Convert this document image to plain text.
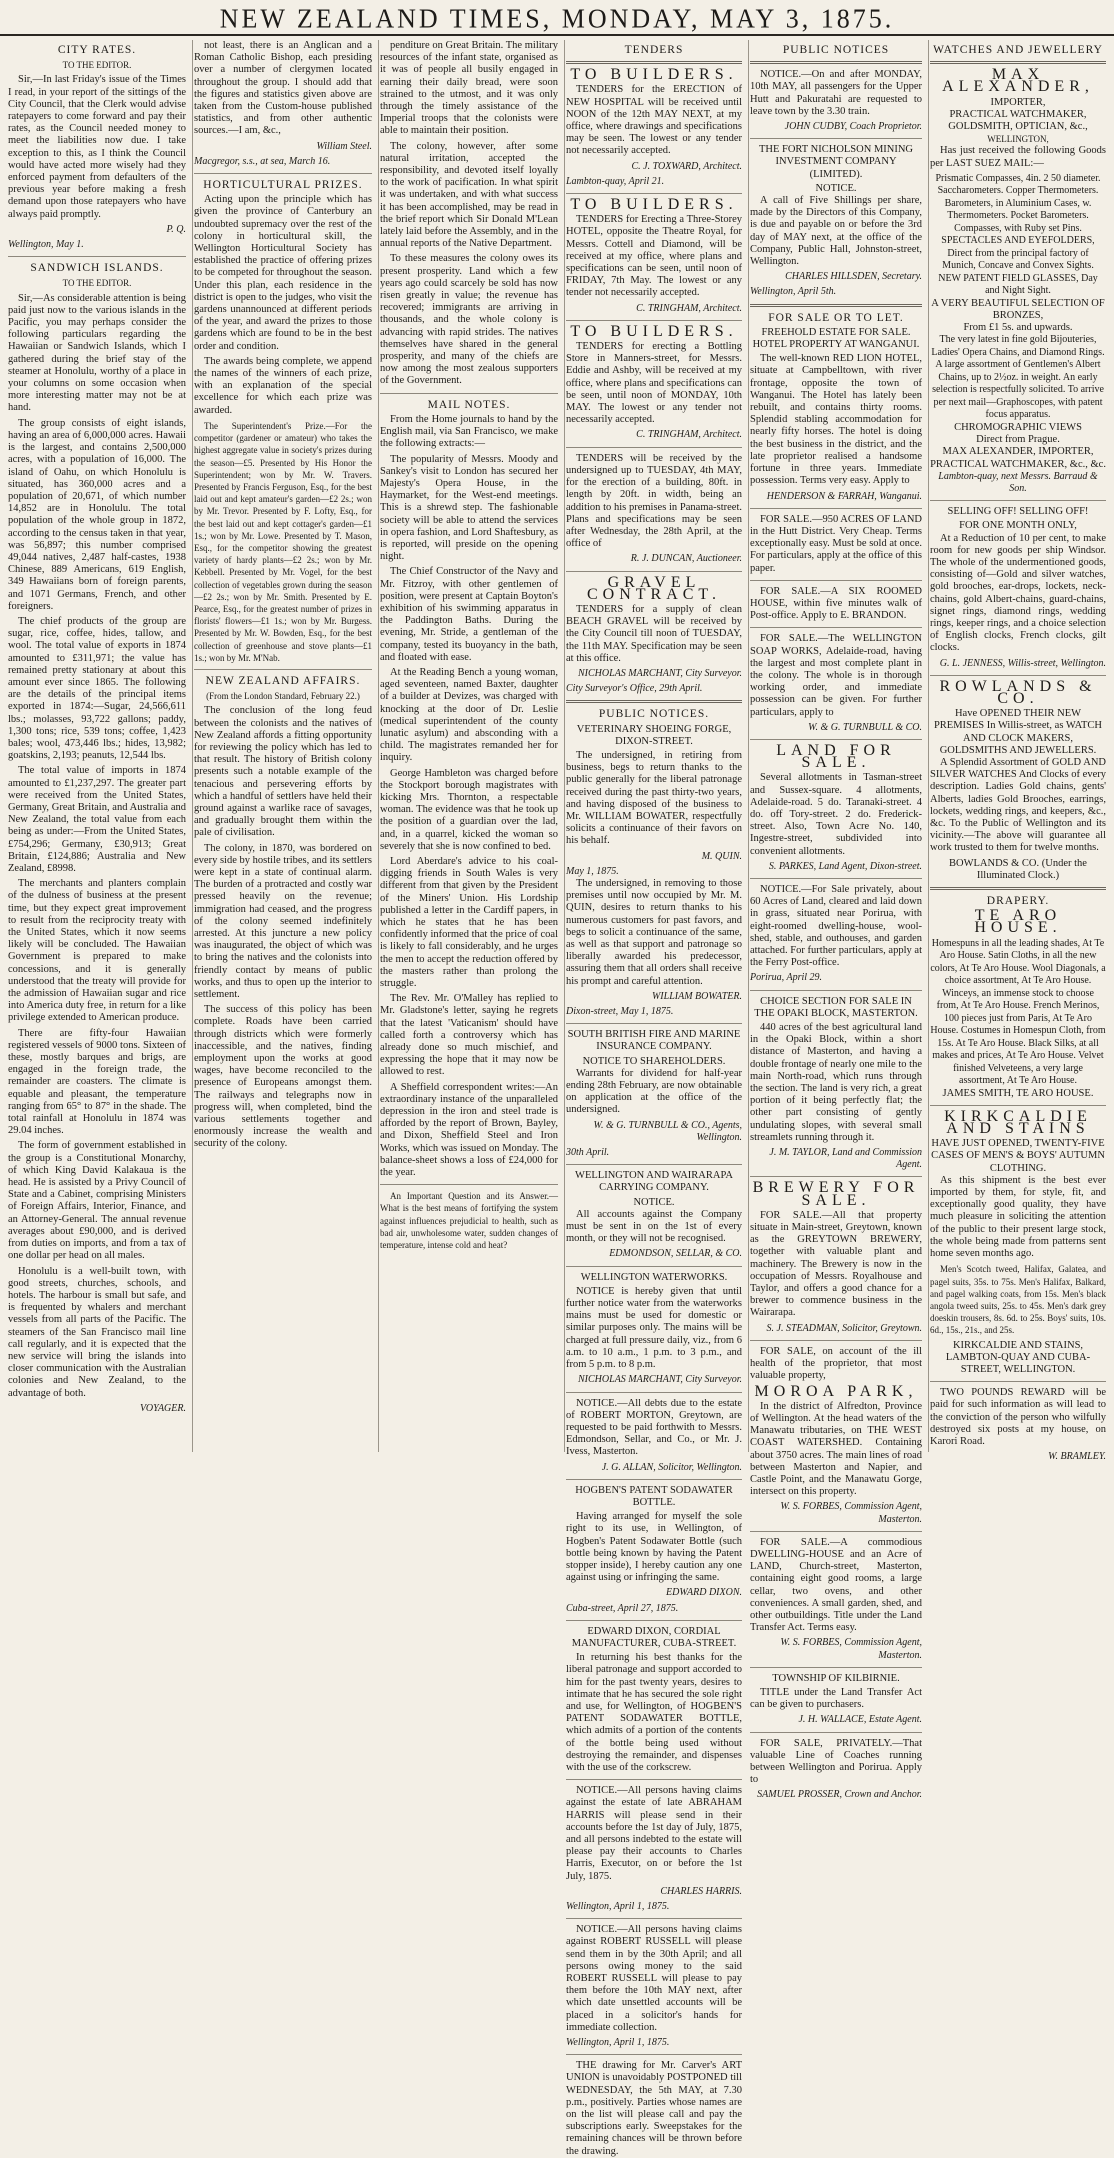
NEW ZEALAND TIMES, MONDAY, MAY 3, 1875.
CITY RATES.
TO THE EDITOR.

Sir,—In last Friday's issue of the Times I read, in your report of the sittings of the City Council, that the Clerk would advise ratepayers to come forward and pay their rates, as the Council needed money to meet the liabilities now due. I take exception to this, as I think the Council would have acted more wisely had they enforced payment from defaulters of the previous year before making a fresh demand upon those ratepayers who have always paid promptly.

P. Q.
Wellington, May 1.
SANDWICH ISLANDS.
TO THE EDITOR.

Sir,—As considerable attention is being paid just now to the various islands in the Pacific, you may perhaps consider the following particulars regarding the Hawaiian or Sandwich Islands, which I gathered during the brief stay of the steamer at Honolulu, worthy of a place in your columns on some occasion when more interesting matter may not be at hand.

The group consists of eight islands, having an area of 6,000,000 acres. Hawaii is the largest, and contains 2,500,000 acres, with a population of 16,000. The island of Oahu, on which Honolulu is situated, has 360,000 acres and a population of 20,671, of which number 14,852 are in Honolulu. The total population of the whole group in 1872, according to the census taken in that year, was 56,897; this number comprised 49,044 natives, 2,487 half-castes, 1938 Chinese, 889 Americans, 619 English, 349 Hawaiians born of foreign parents, and 1071 Germans, French, and other foreigners.

The chief products of the group are sugar, rice, coffee, hides, tallow, and wool. The total value of exports in 1874 amounted to £311,971; the value has remained pretty stationary at about this amount ever since 1865. The following are the details of the principal items exported in 1874:—Sugar, 24,566,611 lbs.; molasses, 93,722 gallons; paddy, 1,300 tons; rice, 539 tons; coffee, 1,423 bales; wool, 473,446 lbs.; hides, 13,982; goatskins, 2,193; peanuts, 12,544 lbs.

The total value of imports in 1874 amounted to £1,237,297. The greater part were received from the United States, Germany, Great Britain, and Australia and New Zealand, the total value from each being as under:—From the United States, £754,296; Germany, £30,913; Great Britain, £124,886; Australia and New Zealand, £8998.

The merchants and planters complain of the dulness of business at the present time, but they expect great improvement to result from the reciprocity treaty with the United States, which it now seems likely will be concluded. The Hawaiian Government is prepared to make concessions, and it is generally understood that the treaty will provide for the admission of Hawaiian sugar and rice into America duty free, in return for a like privilege extended to American produce.

There are fifty-four Hawaiian registered vessels of 9000 tons. Sixteen of these, mostly barques and brigs, are engaged in the foreign trade, the remainder are coasters. The climate is equable and pleasant, the temperature ranging from 65° to 87° in the shade. The total rainfall at Honolulu in 1874 was 29.04 inches.

The form of government established in the group is a Constitutional Monarchy, of which King David Kalakaua is the head. He is assisted by a Privy Council of State and a Cabinet, comprising Ministers of Foreign Affairs, Interior, Finance, and an Attorney-General. The annual revenue averages about £90,000, and is derived from duties on imports, and from a tax of one dollar per head on all males.

Honolulu is a well-built town, with good streets, churches, schools, and hotels. The harbour is small but safe, and is frequented by whalers and merchant vessels from all parts of the Pacific. The steamers of the San Francisco mail line call regularly, and it is expected that the new service will bring the islands into closer communication with the Australian colonies and New Zealand, to the advantage of both.

VOYAGER.

not least, there is an Anglican and a Roman Catholic Bishop, each presiding over a number of clergymen located throughout the group. I should add that the figures and statistics given above are taken from the Custom-house published statistics, and from other authentic sources.—I am, &c.,

William Steel.
Macgregor, s.s., at sea, March 16.
HORTICULTURAL PRIZES.

Acting upon the principle which has given the province of Canterbury an undoubted supremacy over the rest of the colony in horticultural skill, the Wellington Horticultural Society has established the practice of offering prizes to be competed for throughout the season. Under this plan, each residence in the district is open to the judges, who visit the gardens unannounced at different periods of the year, and award the prizes to those gardens which are found to be in the best order and condition.

The awards being complete, we append the names of the winners of each prize, with an explanation of the special excellence for which each prize was awarded.

The Superintendent's Prize.—For the competitor (gardener or amateur) who takes the highest aggregate value in society's prizes during the season—£5. Presented by His Honor the Superintendent; won by Mr. W. Travers. Presented by Francis Ferguson, Esq., for the best laid out and kept amateur's garden—£2 2s.; won by Mr. Trevor. Presented by F. Lofty, Esq., for the best laid out and kept cottager's garden—£1 1s.; won by Mr. Lowe. Presented by T. Mason, Esq., for the competitor showing the greatest variety of hardy plants—£2 2s.; won by Mr. Kebbell. Presented by Mr. Vogel, for the best collection of vegetables grown during the season—£2 2s.; won by Mr. Smith. Presented by E. Pearce, Esq., for the greatest number of prizes in florists' flowers—£1 1s.; won by Mr. Burgess. Presented by Mr. W. Bowden, Esq., for the best collection of greenhouse and stove plants—£1 1s.; won by Mr. M'Nab.

NEW ZEALAND AFFAIRS.
(From the London Standard, February 22.)

The conclusion of the long feud between the colonists and the natives of New Zealand affords a fitting opportunity for reviewing the policy which has led to that result. The history of British colony presents such a notable example of the tenacious and persevering efforts by which a handful of settlers have held their ground against a warlike race of savages, and gradually brought them within the pale of civilisation.

The colony, in 1870, was bordered on every side by hostile tribes, and its settlers were kept in a state of continual alarm. The burden of a protracted and costly war pressed heavily on the revenue; immigration had ceased, and the progress of the colony seemed indefinitely arrested. At this juncture a new policy was inaugurated, the object of which was to bring the natives and the colonists into friendly contact by means of public works, and thus to open up the interior to settlement.

The success of this policy has been complete. Roads have been carried through districts which were formerly inaccessible, and the natives, finding employment upon the works at good wages, have become reconciled to the presence of Europeans amongst them. The railways and telegraphs now in progress will, when completed, bind the various settlements together and enormously increase the wealth and security of the colony.

penditure on Great Britain. The military resources of the infant state, organised as it was of people all busily engaged in earning their daily bread, were soon strained to the utmost, and it was only through the timely assistance of the Imperial troops that the colonists were able to maintain their position.

The colony, however, after some natural irritation, accepted the responsibility, and devoted itself loyally to the work of pacification. In what spirit it was undertaken, and with what success it has been accomplished, may be read in the brief report which Sir Donald M'Lean lately laid before the Assembly, and in the annual reports of the Native Department.

To these measures the colony owes its present prosperity. Land which a few years ago could scarcely be sold has now risen greatly in value; the revenue has recovered; immigrants are arriving in thousands, and the whole colony is advancing with rapid strides. The natives themselves have shared in the general prosperity, and many of the chiefs are now among the most zealous supporters of the Government.

MAIL NOTES.

From the Home journals to hand by the English mail, via San Francisco, we make the following extracts:—

The popularity of Messrs. Moody and Sankey's visit to London has secured her Majesty's Opera House, in the Haymarket, for the West-end meetings. This is a shrewd step. The fashionable society will be able to attend the services in opera fashion, and Lord Shaftesbury, as is reported, will preside on the opening night.

The Chief Constructor of the Navy and Mr. Fitzroy, with other gentlemen of position, were present at Captain Boyton's exhibition of his swimming apparatus in the Paddington Baths. During the evening, Mr. Stride, a gentleman of the company, tested its buoyancy in the bath, and floated with ease.

At the Reading Bench a young woman, aged seventeen, named Baxter, daughter of a builder at Devizes, was charged with knocking at the door of Dr. Leslie (medical superintendent of the county lunatic asylum) and absconding with a child. The magistrates remanded her for inquiry.

George Hambleton was charged before the Stockport borough magistrates with kicking Mrs. Thornton, a respectable woman. The evidence was that he took up the position of a guardian over the lad, and, in a quarrel, kicked the woman so severely that she is now confined to bed.

Lord Aberdare's advice to his coal-digging friends in South Wales is very different from that given by the President of the Miners' Union. His Lordship published a letter in the Cardiff papers, in which he states that he has been confidently informed that the price of coal is likely to fall considerably, and he urges the men to accept the reduction offered by the masters rather than prolong the struggle.

The Rev. Mr. O'Malley has replied to Mr. Gladstone's letter, saying he regrets that the latest 'Vaticanism' should have called forth a controversy which has already done so much mischief, and expressing the hope that it may now be allowed to rest.

A Sheffield correspondent writes:—An extraordinary instance of the unparalleled depression in the iron and steel trade is afforded by the report of Brown, Bayley, and Dixon, Sheffield Steel and Iron Works, which was issued on Monday. The balance-sheet shows a loss of £24,000 for the year.

An Important Question and its Answer.—What is the best means of fortifying the system against influences prejudicial to health, such as bad air, unwholesome water, sudden changes of temperature, intense cold and heat?

TENDERS
TO BUILDERS.

TENDERS for the ERECTION of NEW HOSPITAL will be received until NOON of the 12th MAY NEXT, at my office, where drawings and specifications may be seen. The lowest or any tender not necessarily accepted.

C. J. TOXWARD, Architect.
Lambton-quay, April 21.
TO BUILDERS.

TENDERS for Erecting a Three-Storey HOTEL, opposite the Theatre Royal, for Messrs. Cottell and Diamond, will be received at my office, where plans and specifications can be seen, until noon of FRIDAY, 7th May. The lowest or any tender not necessarily accepted.

C. TRINGHAM, Architect.
TO BUILDERS.

TENDERS for erecting a Bottling Store in Manners-street, for Messrs. Eddie and Ashby, will be received at my office, where plans and specifications can be seen, until noon of MONDAY, 10th MAY. The lowest or any tender not necessarily accepted.

C. TRINGHAM, Architect.

TENDERS will be received by the undersigned up to TUESDAY, 4th MAY, for the erection of a building, 80ft. in length by 20ft. in width, being an addition to his premises in Panama-street. Plans and specifications may be seen after Wednesday, the 28th April, at the office of

R. J. DUNCAN, Auctioneer.
GRAVEL CONTRACT.

TENDERS for a supply of clean BEACH GRAVEL will be received by the City Council till noon of TUESDAY, the 11th MAY. Specification may be seen at this office.

NICHOLAS MARCHANT, City Surveyor.
City Surveyor's Office, 29th April.
PUBLIC NOTICES.
VETERINARY SHOEING FORGE, DIXON-STREET.

The undersigned, in retiring from business, begs to return thanks to the public generally for the liberal patronage received during the past thirty-two years, and having disposed of the business to Mr. WILLIAM BOWATER, respectfully solicits a continuance of their favors on his behalf.

M. QUIN.
May 1, 1875.

The undersigned, in removing to those premises until now occupied by Mr. M. QUIN, desires to return thanks to his numerous customers for past favors, and begs to solicit a continuance of the same, as well as that support and patronage so liberally awarded his predecessor, assuring them that all orders shall receive his prompt and careful attention.

WILLIAM BOWATER.
Dixon-street, May 1, 1875.
SOUTH BRITISH FIRE AND MARINE INSURANCE COMPANY.
NOTICE TO SHAREHOLDERS.

Warrants for dividend for half-year ending 28th February, are now obtainable on application at the office of the undersigned.

W. & G. TURNBULL & CO., Agents, Wellington.
30th April.
WELLINGTON AND WAIRARAPA CARRYING COMPANY.
NOTICE.

All accounts against the Company must be sent in on the 1st of every month, or they will not be recognised.

EDMONDSON, SELLAR, & CO.
WELLINGTON WATERWORKS.

NOTICE is hereby given that until further notice water from the waterworks mains must be used for domestic or similar purposes only. The mains will be charged at full pressure daily, viz., from 6 a.m. to 10 a.m., 1 p.m. to 3 p.m., and from 5 p.m. to 8 p.m.

NICHOLAS MARCHANT, City Surveyor.

NOTICE.—All debts due to the estate of ROBERT MORTON, Greytown, are requested to be paid forthwith to Messrs. Edmondson, Sellar, and Co., or Mr. J. Ivess, Masterton.

J. G. ALLAN, Solicitor, Wellington.
HOGBEN'S PATENT SODAWATER BOTTLE.

Having arranged for myself the sole right to its use, in Wellington, of Hogben's Patent Sodawater Bottle (such bottle being known by having the Patent stopper inside), I hereby caution any one against using or infringing the same.

EDWARD DIXON.
Cuba-street, April 27, 1875.
EDWARD DIXON, CORDIAL MANUFACTURER, CUBA-STREET.

In returning his best thanks for the liberal patronage and support accorded to him for the past twenty years, desires to intimate that he has secured the sole right and use, for Wellington, of HOGBEN'S PATENT SODAWATER BOTTLE, which admits of a portion of the contents of the bottle being used without destroying the remainder, and dispenses with the use of the corkscrew.

NOTICE.—All persons having claims against the estate of late ABRAHAM HARRIS will please send in their accounts before the 1st day of July, 1875, and all persons indebted to the estate will please pay their accounts to Charles Harris, Executor, on or before the 1st July, 1875.

CHARLES HARRIS.
Wellington, April 1, 1875.

NOTICE.—All persons having claims against ROBERT RUSSELL will please send them in by the 30th April; and all persons owing money to the said ROBERT RUSSELL will please to pay them before the 10th MAY next, after which date unsettled accounts will be placed in a solicitor's hands for immediate collection.

Wellington, April 1, 1875.

THE drawing for Mr. Carver's ART UNION is unavoidably POSTPONED till WEDNESDAY, the 5th MAY, at 7.30 p.m., positively. Parties whose names are on the list will please call and pay the subscriptions early. Sweepstakes for the remaining chances will be thrown before the drawing.

PUBLIC NOTICES

NOTICE.—On and after MONDAY, 10th MAY, all passengers for the Upper Hutt and Pakuratahi are requested to leave town by the 3.30 train.

JOHN CUDBY, Coach Proprietor.
THE FORT NICHOLSON MINING INVESTMENT COMPANY (LIMITED).
NOTICE.

A call of Five Shillings per share, made by the Directors of this Company, is due and payable on or before the 3rd day of MAY next, at the office of the Company, Public Hall, Johnston-street, Wellington.

CHARLES HILLSDEN, Secretary.
Wellington, April 5th.
FOR SALE OR TO LET.
FREEHOLD ESTATE FOR SALE. HOTEL PROPERTY AT WANGANUI.

The well-known RED LION HOTEL, situate at Campbelltown, with river frontage, opposite the town of Wanganui. The Hotel has lately been rebuilt, and contains thirty rooms. Splendid stabling accommodation for nearly fifty horses. The hotel is doing the best business in the district, and the late proprietor realised a handsome fortune in three years. Immediate possession. Terms very easy. Apply to

HENDERSON & FARRAH, Wanganui.

FOR SALE.—950 ACRES OF LAND in the Hutt District. Very Cheap. Terms exceptionally easy. Must be sold at once. For particulars, apply at the office of this paper.

FOR SALE.—A SIX ROOMED HOUSE, within five minutes walk of Post-office. Apply to E. BRANDON.

FOR SALE.—The WELLINGTON SOAP WORKS, Adelaide-road, having the largest and most complete plant in the colony. The whole is in thorough working order, and immediate possession can be given. For further particulars, apply to

W. & G. TURNBULL & CO.
LAND FOR SALE.

Several allotments in Tasman-street and Sussex-square. 4 allotments, Adelaide-road. 5 do. Taranaki-street. 4 do. off Tory-street. 2 do. Frederick-street. Also, Town Acre No. 140, Ingestre-street, subdivided into convenient allotments.

S. PARKES, Land Agent, Dixon-street.

NOTICE.—For Sale privately, about 60 Acres of Land, cleared and laid down in grass, situated near Porirua, with eight-roomed dwelling-house, wool-shed, stable, and outhouses, and garden attached. For further particulars, apply at the Ferry Post-office.

Porirua, April 29.
CHOICE SECTION FOR SALE IN THE OPAKI BLOCK, MASTERTON.

440 acres of the best agricultural land in the Opaki Block, within a short distance of Masterton, and having a double frontage of nearly one mile to the main North-road, which runs through the section. The land is very rich, a great portion of it being perfectly flat; the other part consisting of gently undulating slopes, with several small streamlets running through it.

J. M. TAYLOR, Land and Commission Agent.
BREWERY FOR SALE.

FOR SALE.—All that property situate in Main-street, Greytown, known as the GREYTOWN BREWERY, together with valuable plant and machinery. The Brewery is now in the occupation of Messrs. Royalhouse and Taylor, and offers a good chance for a brewer to commence business in the Wairarapa.

S. J. STEADMAN, Solicitor, Greytown.

FOR SALE, on account of the ill health of the proprietor, that most valuable property,

MOROA PARK,

In the district of Alfredton, Province of Wellington. At the head waters of the Manawatu tributaries, on THE WEST COAST WATERSHED. Containing about 3750 acres. The main lines of road between Masterton and Napier, and Castle Point, and the Manawatu Gorge, intersect on this property.

W. S. FORBES, Commission Agent, Masterton.

FOR SALE.—A commodious DWELLING-HOUSE and an Acre of LAND, Church-street, Masterton, containing eight good rooms, a large cellar, two ovens, and other conveniences. A small garden, shed, and other outbuildings. Title under the Land Transfer Act. Terms easy.

W. S. FORBES, Commission Agent, Masterton.
TOWNSHIP OF KILBIRNIE.

TITLE under the Land Transfer Act can be given to purchasers.

J. H. WALLACE, Estate Agent.

FOR SALE, PRIVATELY.—That valuable Line of Coaches running between Wellington and Porirua. Apply to

SAMUEL PROSSER, Crown and Anchor.
WATCHES AND JEWELLERY
MAX ALEXANDER,
IMPORTER,
PRACTICAL WATCHMAKER,
GOLDSMITH, OPTICIAN, &c.,
WELLINGTON,

Has just received the following Goods per LAST SUEZ MAIL:—

Prismatic Compasses, 4in. 2 50 diameter. Saccharometers. Copper Thermometers. Barometers, in Aluminium Cases, w. Thermometers. Pocket Barometers. Compasses, with Ruby set Pins. SPECTACLES AND EYEFOLDERS, Direct from the principal factory of Munich, Concave and Convex Sights. NEW PATENT FIELD GLASSES, Day and Night Sight.
A VERY BEAUTIFUL SELECTION OF BRONZES,
From £1 5s. and upwards.
The very latest in fine gold Bijouteries, Ladies' Opera Chains, and Diamond Rings. A large assortment of Gentlemen's Albert Chains, up to 2½oz. in weight. An early selection is respectfully solicited. To arrive per next mail—Graphoscopes, with patent focus apparatus.
CHROMOGRAPHIC VIEWS
Direct from Prague.
MAX ALEXANDER, IMPORTER, PRACTICAL WATCHMAKER, &c., &c.
Lambton-quay, next Messrs. Barraud & Son.
SELLING OFF! SELLING OFF!
FOR ONE MONTH ONLY,

At a Reduction of 10 per cent, to make room for new goods per ship Windsor. The whole of the undermentioned goods, consisting of—Gold and silver watches, gold brooches, ear-drops, lockets, neck-chains, gold Albert-chains, guard-chains, signet rings, diamond rings, wedding rings, keeper rings, and a choice selection of English clocks, French clocks, gilt clocks.

G. L. JENNESS, Willis-street, Wellington.
ROWLANDS & CO.
Have OPENED THEIR NEW PREMISES In Willis-street, as WATCH AND CLOCK MAKERS, GOLDSMITHS AND JEWELLERS.

A Splendid Assortment of GOLD AND SILVER WATCHES And Clocks of every description. Ladies Gold chains, gents' Alberts, ladies Gold Brooches, earrings, lockets, wedding rings, and keepers, &c., &c. To the Public of Wellington and its vicinity.—The above will guarantee all work trusted to them for twelve months.

BOWLANDS & CO. (Under the Illuminated Clock.)
DRAPERY.
TE ARO HOUSE.
Homespuns in all the leading shades, At Te Aro House. Satin Cloths, in all the new colors, At Te Aro House. Wool Diagonals, a choice assortment, At Te Aro House. Winceys, an immense stock to choose from, At Te Aro House. French Merinos, 100 pieces just from Paris, At Te Aro House. Costumes in Homespun Cloth, from 15s. At Te Aro House. Black Silks, at all makes and prices, At Te Aro House. Velvet finished Velveteens, a very large assortment, At Te Aro House.
JAMES SMITH, TE ARO HOUSE.
KIRKCALDIE AND STAINS
HAVE JUST OPENED, TWENTY-FIVE CASES OF MEN'S & BOYS' AUTUMN CLOTHING.

As this shipment is the best ever imported by them, for style, fit, and exceptionally good quality, they have much pleasure in soliciting the attention of the public to their present large stock, the whole being made from patterns sent home seven months ago.

Men's Scotch tweed, Halifax, Galatea, and pagel suits, 35s. to 75s. Men's Halifax, Balkard, and pagel walking coats, from 15s. Men's black angola tweed suits, 25s. to 45s. Men's dark grey doeskin trousers, 8s. 6d. to 25s. Boys' suits, 10s. 6d., 15s., 21s., and 25s.

KIRKCALDIE AND STAINS, LAMBTON-QUAY AND CUBA-STREET, WELLINGTON.

TWO POUNDS REWARD will be paid for such information as will lead to the conviction of the person who wilfully destroyed six posts at my house, on Karori Road.

W. BRAMLEY.
